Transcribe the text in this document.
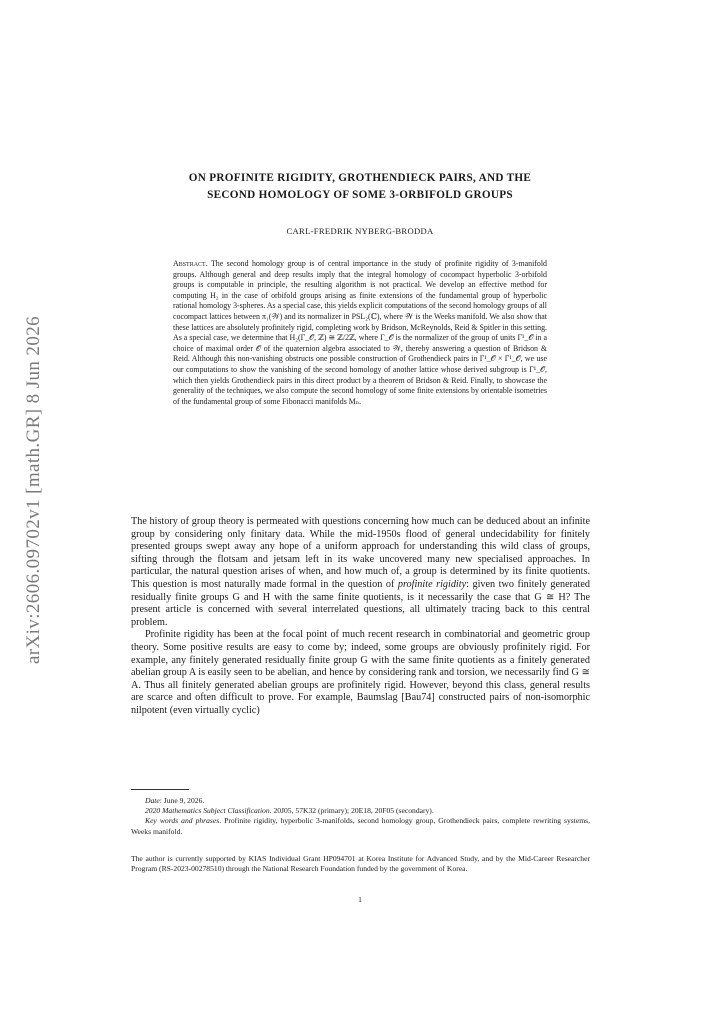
arXiv:2606.09702v1 [math.GR] 8 Jun 2026
ON PROFINITE RIGIDITY, GROTHENDIECK PAIRS, AND THE
SECOND HOMOLOGY OF SOME 3-ORBIFOLD GROUPS
CARL-FREDRIK NYBERG-BRODDA
Abstract. The second homology group is of central importance in the study of profinite rigidity of 3-manifold groups. Although general and deep results imply that the integral homology of cocompact hyperbolic 3-orbifold groups is computable in principle, the resulting algorithm is not practical. We develop an effective method for computing H₂ in the case of orbifold groups arising as finite extensions of the fundamental group of hyperbolic rational homology 3-spheres. As a special case, this yields explicit computations of the second homology groups of all cocompact lattices between π₁(𝒲) and its normalizer in PSL₂(ℂ), where 𝒲 is the Weeks manifold. We also show that these lattices are absolutely profinitely rigid, completing work by Bridson, McReynolds, Reid & Spitler in this setting. As a special case, we determine that H₂(Γ_𝒪, ℤ) ≅ ℤ/2ℤ, where Γ_𝒪 is the normalizer of the group of units Γ¹_𝒪 in a choice of maximal order 𝒪 of the quaternion algebra associated to 𝒲, thereby answering a question of Bridson & Reid. Although this non-vanishing obstructs one possible construction of Grothendieck pairs in Γ¹_𝒪 × Γ¹_𝒪, we use our computations to show the vanishing of the second homology of another lattice whose derived subgroup is Γ¹_𝒪, which then yields Grothendieck pairs in this direct product by a theorem of Bridson & Reid. Finally, to showcase the generality of the techniques, we also compute the second homology of some finite extensions by orientable isometries of the fundamental group of some Fibonacci manifolds Mₙ.

The history of group theory is permeated with questions concerning how much can be deduced about an infinite group by considering only finitary data. While the mid-1950s flood of general undecidability for finitely presented groups swept away any hope of a uniform approach for understanding this wild class of groups, sifting through the flotsam and jetsam left in its wake uncovered many new specialised approaches. In particular, the natural question arises of when, and how much of, a group is determined by its finite quotients. This question is most naturally made formal in the question of profinite rigidity: given two finitely generated residually finite groups G and H with the same finite quotients, is it necessarily the case that G ≅ H? The present article is concerned with several interrelated questions, all ultimately tracing back to this central problem.

Profinite rigidity has been at the focal point of much recent research in combinatorial and geometric group theory. Some positive results are easy to come by; indeed, some groups are obviously profinitely rigid. For example, any finitely generated residually finite group G with the same finite quotients as a finitely generated abelian group A is easily seen to be abelian, and hence by considering rank and torsion, we necessarily find G ≅ A. Thus all finitely generated abelian groups are profinitely rigid. However, beyond this class, general results are scarce and often difficult to prove. For example, Baumslag [Bau74] constructed pairs of non-isomorphic nilpotent (even virtually cyclic)

Date: June 9, 2026.

2020 Mathematics Subject Classification. 20J05, 57K32 (primary); 20E18, 20F05 (secondary).

Key words and phrases. Profinite rigidity, hyperbolic 3-manifolds, second homology group, Grothendieck pairs, complete rewriting systems, Weeks manifold.

The author is currently supported by KIAS Individual Grant HP094701 at Korea Institute for Advanced Study, and by the Mid-Career Researcher Program (RS-2023-00278510) through the National Research Foundation funded by the government of Korea.
1
